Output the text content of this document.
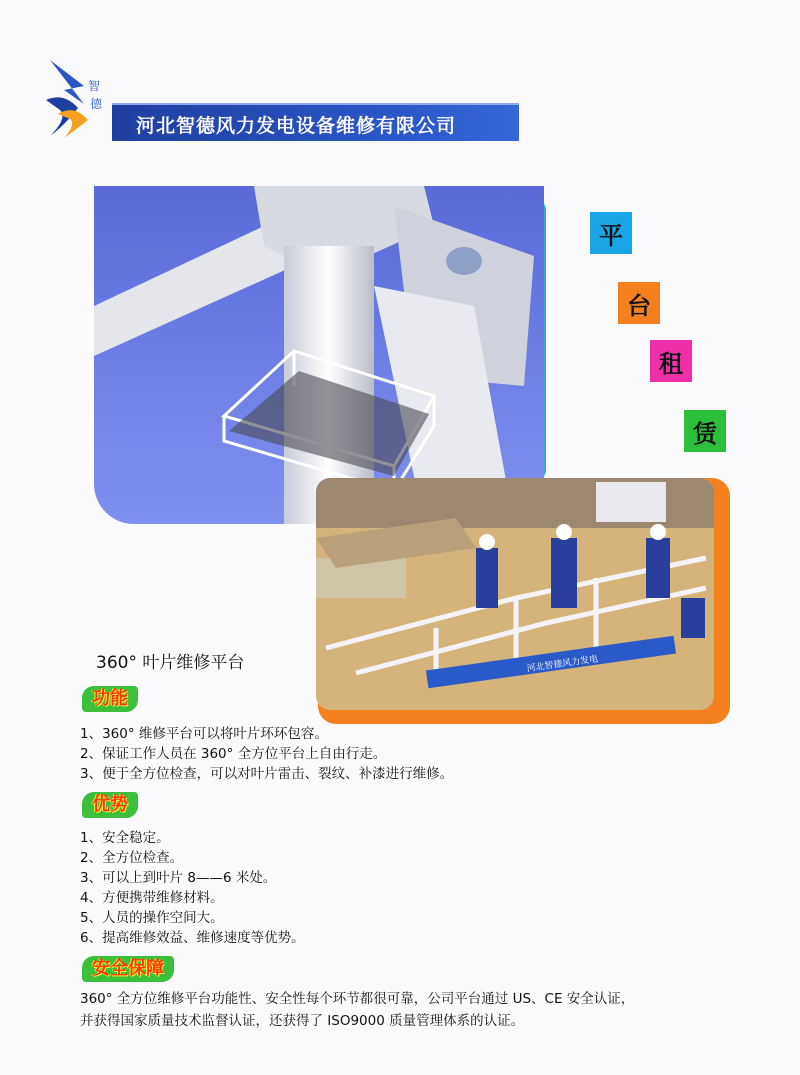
智
德
河北智德风力发电设备维修有限公司
河北智德风力发电
平
台
租
赁
360° 叶片维修平台
功能
1、360° 维修平台可以将叶片环环包容。
2、保证工作人员在 360° 全方位平台上自由行走。
3、便于全方位检查，可以对叶片雷击、裂纹、补漆进行维修。
优势
1、安全稳定。
2、全方位检查。
3、可以上到叶片 8——6 米处。
4、方便携带维修材料。
5、人员的操作空间大。
6、提高维修效益、维修速度等优势。
安全保障
360° 全方位维修平台功能性、安全性每个环节都很可靠，公司平台通过 US、CE 安全认证，
并获得国家质量技术监督认证，还获得了 ISO9000 质量管理体系的认证。
